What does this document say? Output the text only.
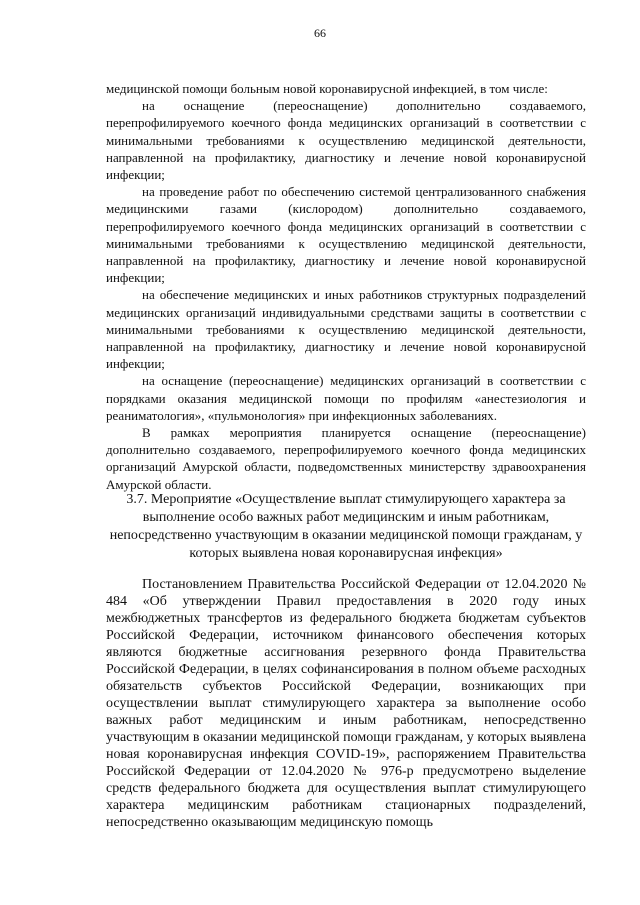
66

медицинской помощи больным новой коронавирусной инфекцией, в том числе:

на оснащение (переоснащение) дополнительно создаваемого, перепрофилируемого коечного фонда медицинских организаций в соответствии с минимальными требованиями к осуществлению медицинской деятельности, направленной на профилактику, диагностику и лечение новой коронавирусной инфекции;

на проведение работ по обеспечению системой централизованного снабжения медицинскими газами (кислородом) дополнительно создаваемого, перепрофилируемого коечного фонда медицинских организаций в соответствии с минимальными требованиями к осуществлению медицинской деятельности, направленной на профилактику, диагностику и лечение новой коронавирусной инфекции;

на обеспечение медицинских и иных работников структурных подразделений медицинских организаций индивидуальными средствами защиты в соответствии с минимальными требованиями к осуществлению медицинской деятельности, направленной на профилактику, диагностику и лечение новой коронавирусной инфекции;

на оснащение (переоснащение) медицинских организаций в соответствии с порядками оказания медицинской помощи по профилям «анестезиология и реаниматология», «пульмонология» при инфекционных заболеваниях.

В рамках мероприятия планируется оснащение (переоснащение) дополнительно создаваемого, перепрофилируемого коечного фонда медицинских организаций Амурской области, подведомственных министерству здравоохранения Амурской области.

3.7. Мероприятие «Осуществление выплат стимулирующего характера за выполнение особо важных работ медицинским и иным работникам, непосредственно участвующим в оказании медицинской помощи гражданам, у которых выявлена новая коронавирусная инфекция»

Постановлением Правительства Российской Федерации от 12.04.2020 № 484 «Об утверждении Правил предоставления в 2020 году иных межбюджетных трансфертов из федерального бюджета бюджетам субъектов Российской Федерации, источником финансового обеспечения которых являются бюджетные ассигнования резервного фонда Правительства Российской Федерации, в целях софинансирования в полном объеме расходных обязательств субъектов Российской Федерации, возникающих при осуществлении выплат стимулирующего характера за выполнение особо важных работ медицинским и иным работникам, непосредственно участвующим в оказании медицинской помощи гражданам, у которых выявлена новая коронавирусная инфекция COVID-19», распоряжением Правительства Российской Федерации от 12.04.2020 № 976-р предусмотрено выделение средств федерального бюджета для осуществления выплат стимулирующего характера медицинским работникам стационарных подразделений, непосредственно оказывающим медицинскую помощь
